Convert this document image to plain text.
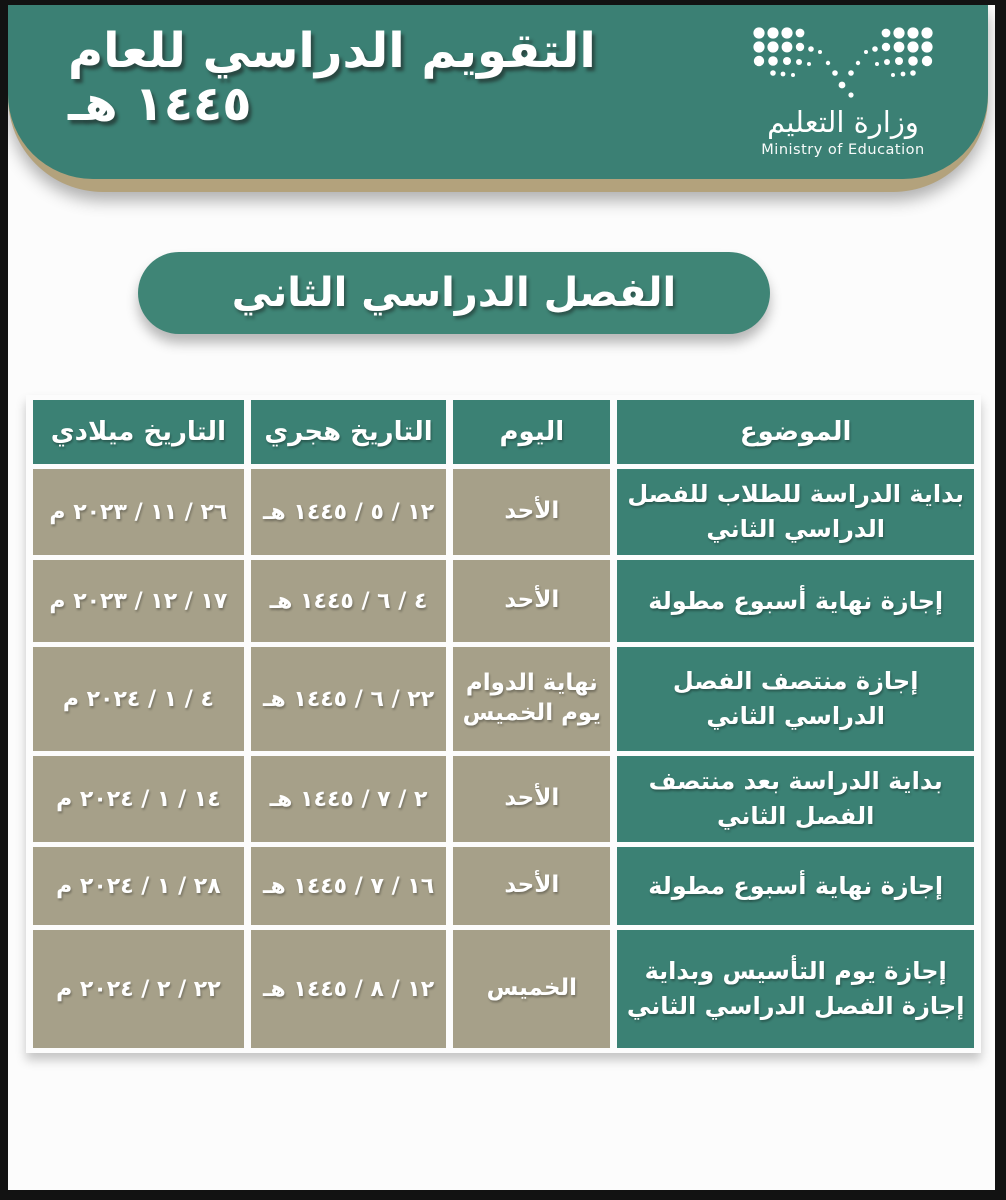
التقويم الدراسي للعام ١٤٤٥ هـ	وزارة التعليم
Ministry of Education
الفصل الدراسي الثاني
الموضوع	اليوم	التاريخ هجري	التاريخ ميلادي
بداية الدراسة للطلاب للفصل الدراسي الثاني	الأحد	١٢ / ٥ / ١٤٤٥ هـ	٢٦ / ١١ / ٢٠٢٣ م
إجازة نهاية أسبوع مطولة	الأحد	٤ / ٦ / ١٤٤٥ هـ	١٧ / ١٢ / ٢٠٢٣ م
إجازة منتصف الفصل الدراسي الثاني	نهاية الدوام يوم الخميس	٢٢ / ٦ / ١٤٤٥ هـ	٤ / ١ / ٢٠٢٤ م
بداية الدراسة بعد منتصف الفصل الثاني	الأحد	٢ / ٧ / ١٤٤٥ هـ	١٤ / ١ / ٢٠٢٤ م
إجازة نهاية أسبوع مطولة	الأحد	١٦ / ٧ / ١٤٤٥ هـ	٢٨ / ١ / ٢٠٢٤ م
إجازة يوم التأسيس وبداية إجازة الفصل الدراسي الثاني	الخميس	١٢ / ٨ / ١٤٤٥ هـ	٢٢ / ٢ / ٢٠٢٤ م
